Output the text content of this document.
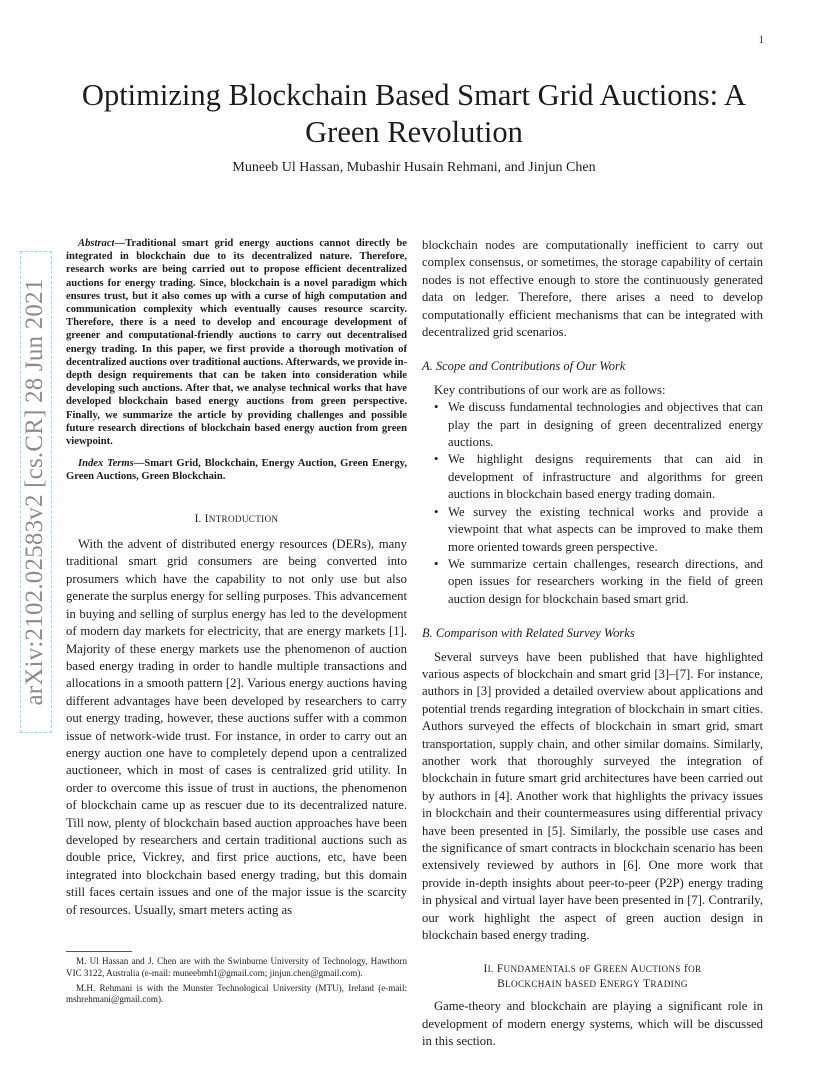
1
arXiv:2102.02583v2 [cs.CR] 28 Jun 2021
Optimizing Blockchain Based Smart Grid Auctions: A Green Revolution
Muneeb Ul Hassan, Mubashir Husain Rehmani, and Jinjun Chen

Abstract—Traditional smart grid energy auctions cannot directly be integrated in blockchain due to its decentralized nature. Therefore, research works are being carried out to propose efficient decentralized auctions for energy trading. Since, blockchain is a novel paradigm which ensures trust, but it also comes up with a curse of high computation and communication complexity which eventually causes resource scarcity. Therefore, there is a need to develop and encourage development of greener and computational-friendly auctions to carry out decentralised energy trading. In this paper, we first provide a thorough motivation of decentralized auctions over traditional auctions. Afterwards, we provide in-depth design requirements that can be taken into consideration while developing such auctions. After that, we analyse technical works that have developed blockchain based energy auctions from green perspective. Finally, we summarize the article by providing challenges and possible future research directions of blockchain based energy auction from green viewpoint.

Index Terms—Smart Grid, Blockchain, Energy Auction, Green Energy, Green Auctions, Green Blockchain.

I. INTRODUCTION

With the advent of distributed energy resources (DERs), many traditional smart grid consumers are being converted into prosumers which have the capability to not only use but also generate the surplus energy for selling purposes. This advancement in buying and selling of surplus energy has led to the development of modern day markets for electricity, that are energy markets [1]. Majority of these energy markets use the phenomenon of auction based energy trading in order to handle multiple transactions and allocations in a smooth pattern [2]. Various energy auctions having different advantages have been developed by researchers to carry out energy trading, however, these auctions suffer with a common issue of network-wide trust. For instance, in order to carry out an energy auction one have to completely depend upon a centralized auctioneer, which in most of cases is centralized grid utility. In order to overcome this issue of trust in auctions, the phenomenon of blockchain came up as rescuer due to its decentralized nature. Till now, plenty of blockchain based auction approaches have been developed by researchers and certain traditional auctions such as double price, Vickrey, and first price auctions, etc, have been integrated into blockchain based energy trading, but this domain still faces certain issues and one of the major issue is the scarcity of resources. Usually, smart meters acting as

blockchain nodes are computationally inefficient to carry out complex consensus, or sometimes, the storage capability of certain nodes is not effective enough to store the continuously generated data on ledger. Therefore, there arises a need to develop computationally efficient mechanisms that can be integrated with decentralized grid scenarios.

A. Scope and Contributions of Our Work

Key contributions of our work are as follows:

• We discuss fundamental technologies and objectives that can play the part in designing of green decentralized energy auctions.
• We highlight designs requirements that can aid in development of infrastructure and algorithms for green auctions in blockchain based energy trading domain.
• We survey the existing technical works and provide a viewpoint that what aspects can be improved to make them more oriented towards green perspective.
• We summarize certain challenges, research directions, and open issues for researchers working in the field of green auction design for blockchain based smart grid.
B. Comparison with Related Survey Works

Several surveys have been published that have highlighted various aspects of blockchain and smart grid [3]–[7]. For instance, authors in [3] provided a detailed overview about applications and potential trends regarding integration of blockchain in smart cities. Authors surveyed the effects of blockchain in smart grid, smart transportation, supply chain, and other similar domains. Similarly, another work that thoroughly surveyed the integration of blockchain in future smart grid architectures have been carried out by authors in [4]. Another work that highlights the privacy issues in blockchain and their countermeasures using differential privacy have been presented in [5]. Similarly, the possible use cases and the significance of smart contracts in blockchain scenario has been extensively reviewed by authors in [6]. One more work that provide in-depth insights about peer-to-peer (P2P) energy trading in physical and virtual layer have been presented in [7]. Contrarily, our work highlight the aspect of green auction design in blockchain based energy trading.

II. FUNDAMENTALS oF GREEN AUCTIONS fOR
BLOCKCHAIN bASED ENERGY TRADING

Game-theory and blockchain are playing a significant role in development of modern energy systems, which will be discussed in this section.

M. Ul Hassan and J. Chen are with the Swinburne University of Technology, Hawthorn VIC 3122, Australia (e-mail: muneebmh1@gmail.com; jinjun.chen@gmail.com).

M.H. Rehmani is with the Munster Technological University (MTU), Ireland (e-mail: mshrehmani@gmail.com).
